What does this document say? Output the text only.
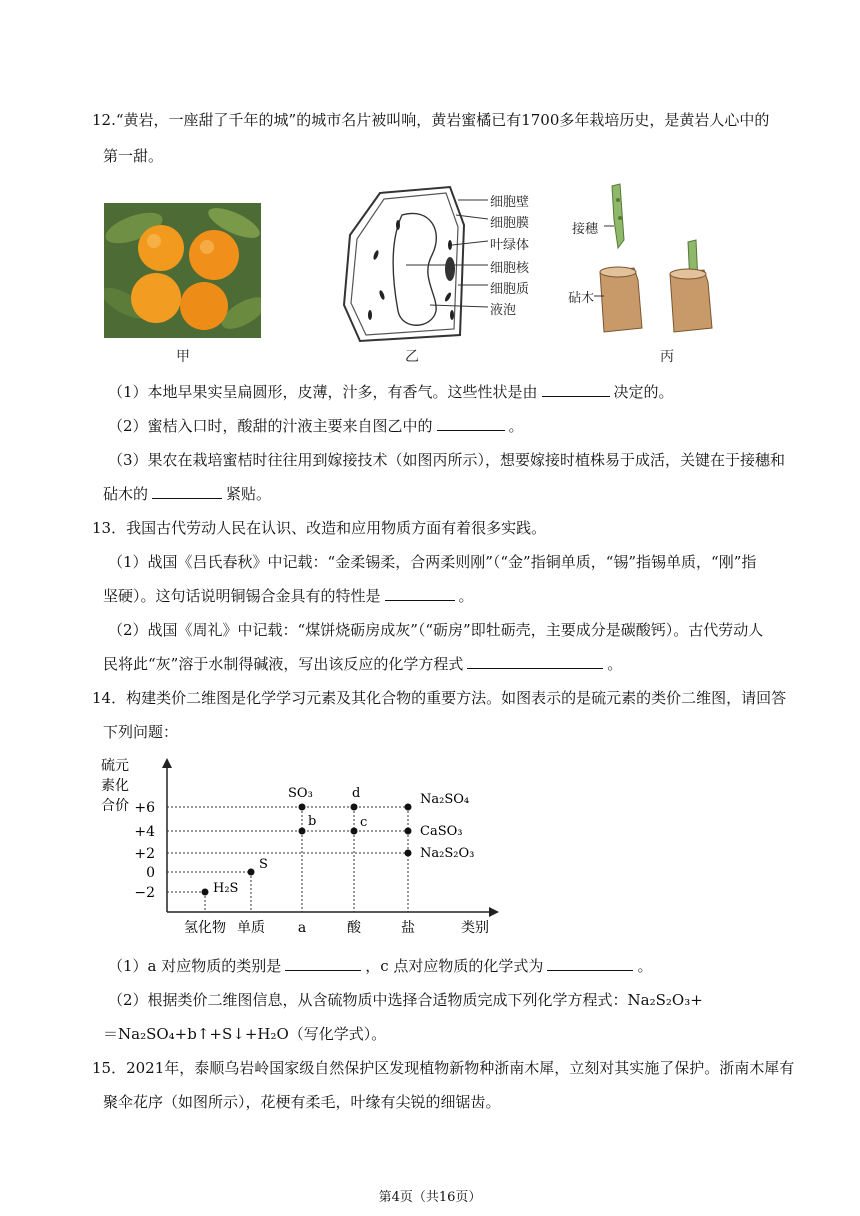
12.“黄岩，一座甜了千年的城”的城市名片被叫响，黄岩蜜橘已有1700多年栽培历史，是黄岩人心中的
第一甜。
甲
细胞壁
细胞膜
叶绿体
细胞核
细胞质
液泡
乙
接穗
砧木
丙
（1）本地早果实呈扁圆形，皮薄，汁多，有香气。这些性状是由	决定的。
（2）蜜桔入口时，酸甜的汁液主要来自图乙中的	。
（3）果农在栽培蜜桔时往往用到嫁接技术（如图丙所示），想要嫁接时植株易于成活，关键在于接穗和
砧木的	紧贴。
13．我国古代劳动人民在认识、改造和应用物质方面有着很多实践。
（1）战国《吕氏春秋》中记载：“金柔锡柔，合两柔则刚”（“金”指铜单质，“锡”指锡单质，“刚”指
坚硬）。这句话说明铜锡合金具有的特性是	。
（2）战国《周礼》中记载：“煤饼烧砺房成灰”（“砺房”即牡砺壳，主要成分是碳酸钙）。古代劳动人
民将此“灰”溶于水制得碱液，写出该反应的化学方程式	。
14．构建类价二维图是化学学习元素及其化合物的重要方法。如图表示的是硫元素的类价二维图，请回答
下列问题：
硫元
素化
合价 +6
+4
+2
0
−2
氢化物 单质 a	酸	盐	类别
H₂S
S
SO₃
b
d
c
Na₂SO₄
CaSO₃
Na₂S₂O₃
（1）a 对应物质的类别是	，c 点对应物质的化学式为	。
（2）根据类价二维图信息，从含硫物质中选择合适物质完成下列化学方程式：Na₂S₂O₃+
＝Na₂SO₄+b↑+S↓+H₂O（写化学式）。
15．2021年，泰顺乌岩岭国家级自然保护区发现植物新物种浙南木犀，立刻对其实施了保护。浙南木犀有
聚伞花序（如图所示），花梗有柔毛，叶缘有尖锐的细锯齿。
第4页（共16页）
